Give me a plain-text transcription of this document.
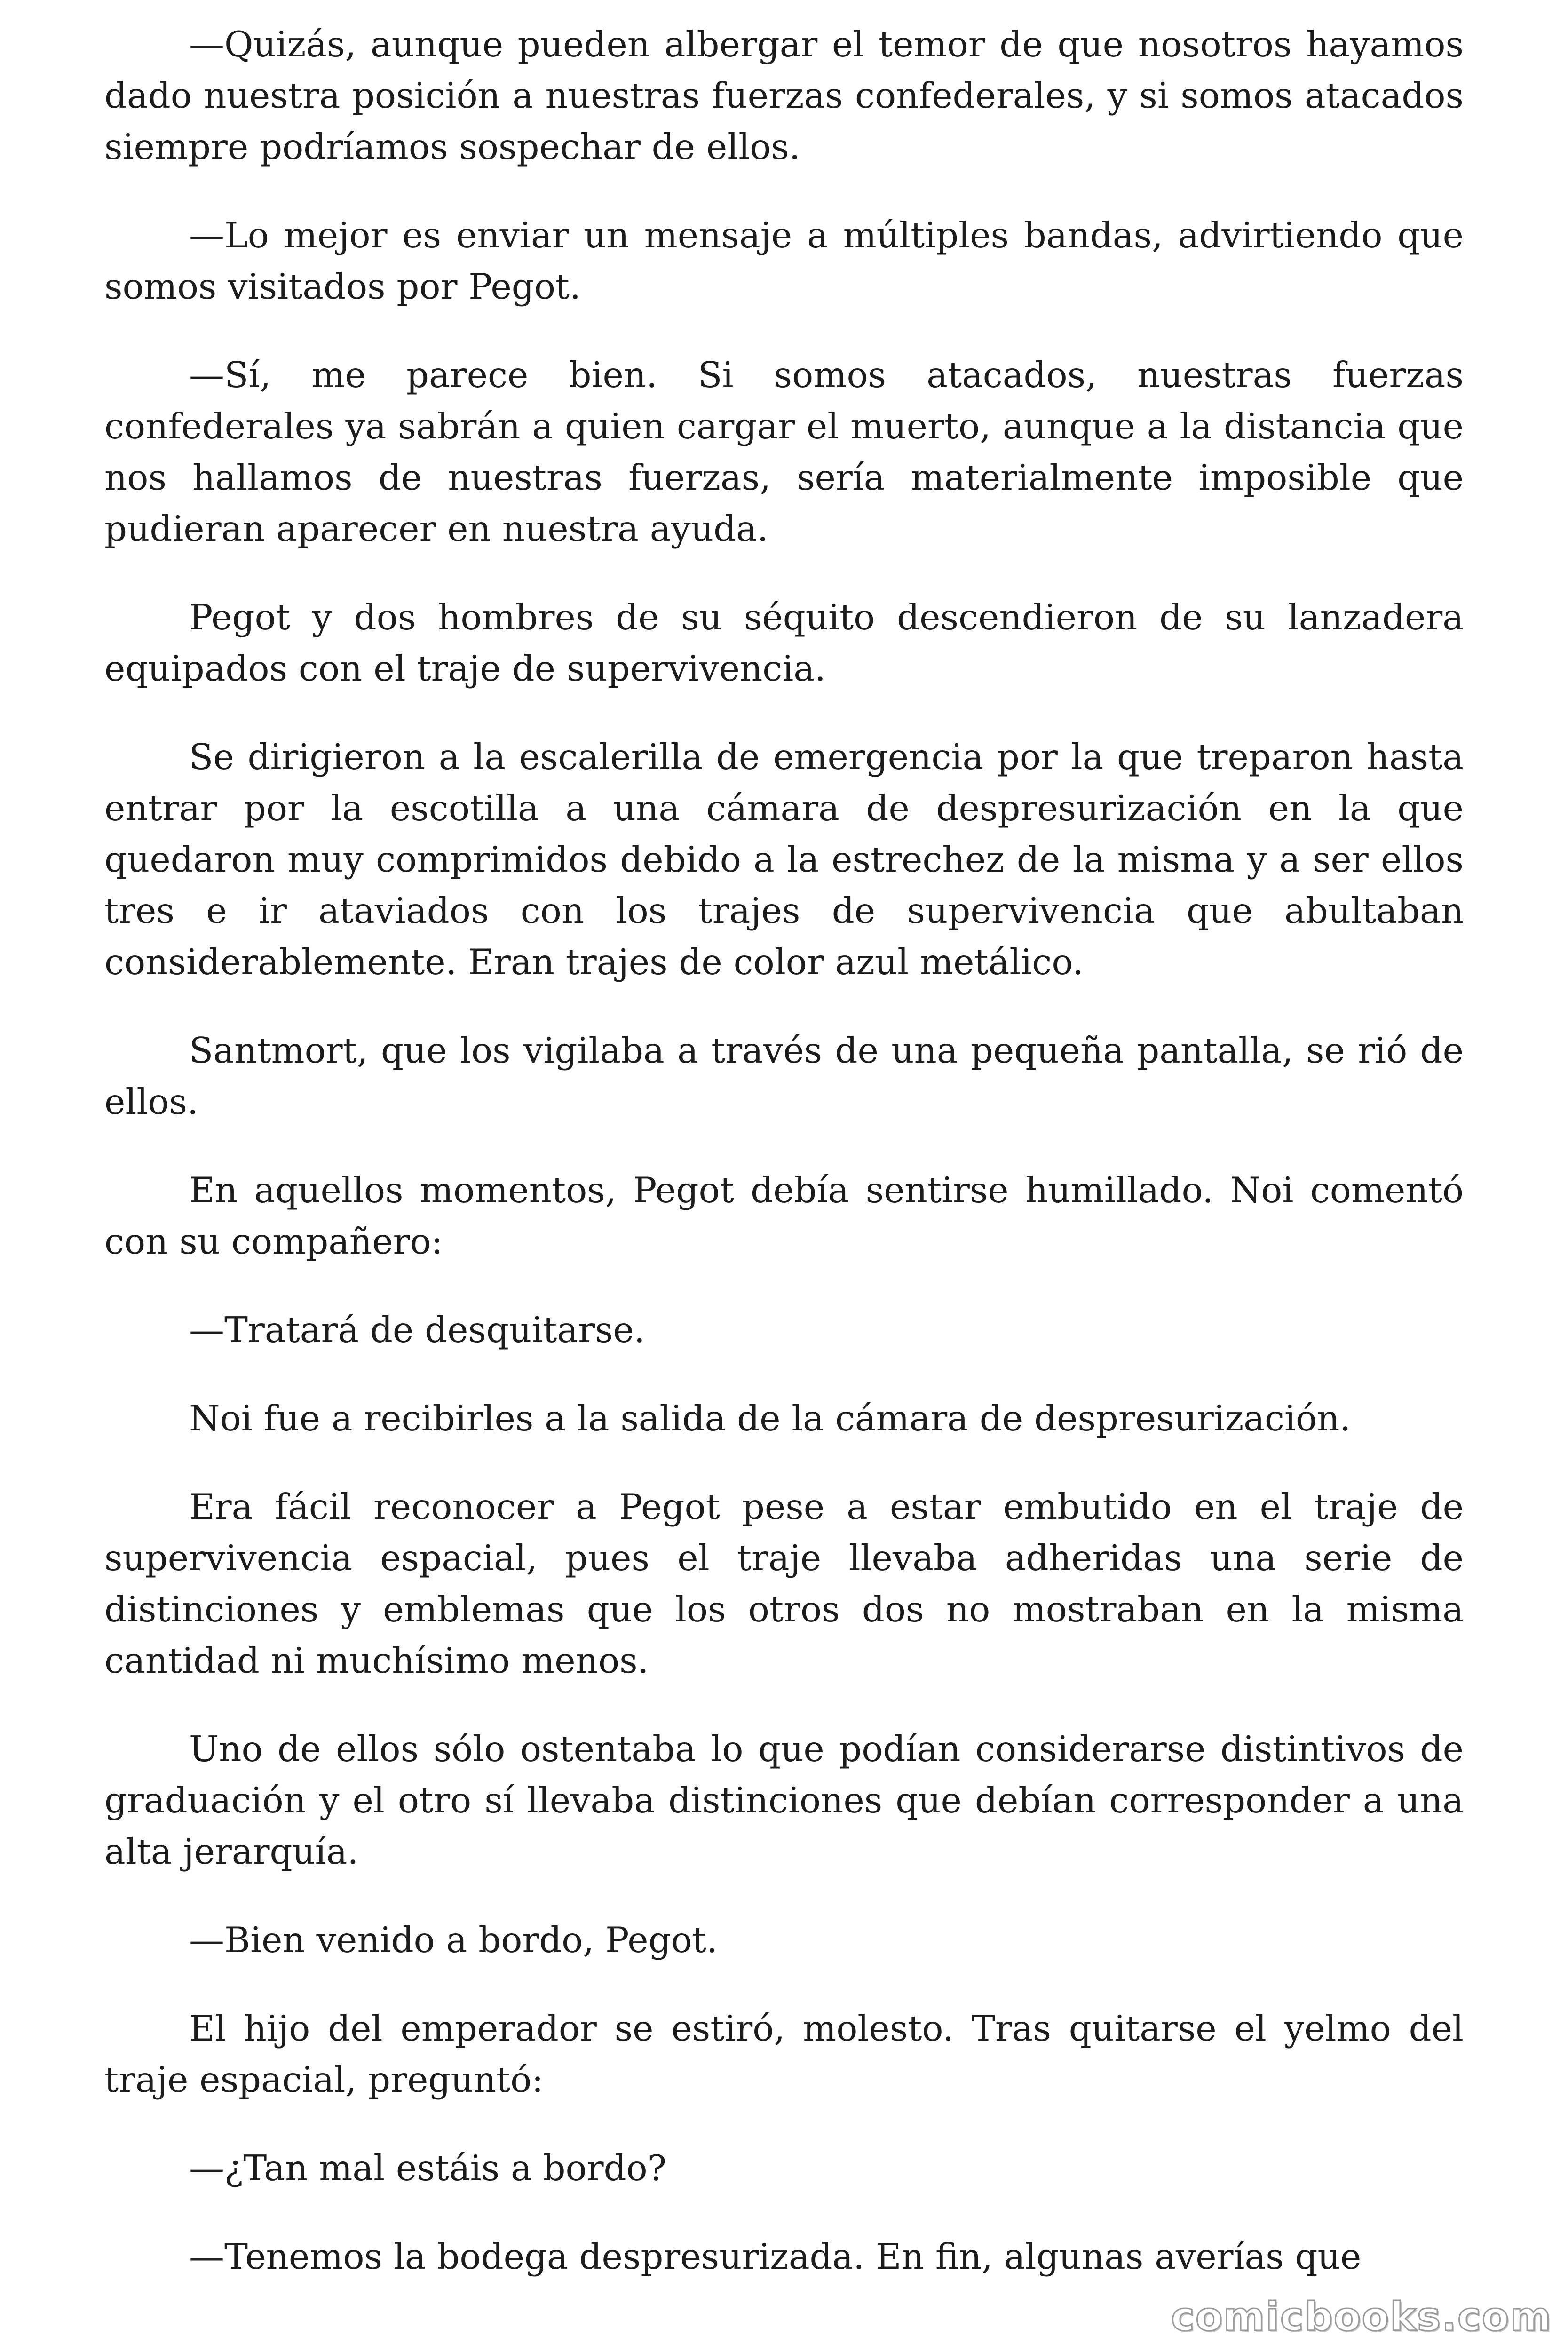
—Quizás, aunque pueden albergar el temor de que nosotros hayamos dado nuestra posición a nuestras fuerzas confederales, y si somos atacados siempre podríamos sospechar de ellos.

—Lo mejor es enviar un mensaje a múltiples bandas, advirtiendo que somos visitados por Pegot.

—Sí, me parece bien. Si somos atacados, nuestras fuerzas confederales ya sabrán a quien cargar el muerto, aunque a la distancia que nos hallamos de nuestras fuerzas, sería materialmente imposible que pudieran aparecer en nuestra ayuda.

Pegot y dos hombres de su séquito descendieron de su lanzadera equipados con el traje de supervivencia.

Se dirigieron a la escalerilla de emergencia por la que treparon hasta entrar por la escotilla a una cámara de despresurización en la que quedaron muy comprimidos debido a la estrechez de la misma y a ser ellos tres e ir ataviados con los trajes de supervivencia que abultaban considerablemente. Eran trajes de color azul metálico.

Santmort, que los vigilaba a través de una pequeña pantalla, se rió de ellos.

En aquellos momentos, Pegot debía sentirse humillado. Noi comentó con su compañero:

—Tratará de desquitarse.

Noi fue a recibirles a la salida de la cámara de despresurización.

Era fácil reconocer a Pegot pese a estar embutido en el traje de supervivencia espacial, pues el traje llevaba adheridas una serie de distinciones y emblemas que los otros dos no mostraban en la misma cantidad ni muchísimo menos.

Uno de ellos sólo ostentaba lo que podían considerarse distintivos de graduación y el otro sí llevaba distinciones que debían corresponder a una alta jerarquía.

—Bien venido a bordo, Pegot.

El hijo del emperador se estiró, molesto. Tras quitarse el yelmo del traje espacial, preguntó:

—¿Tan mal estáis a bordo?

—Tenemos la bodega despresurizada. En fin, algunas averías que

comicbooks.com
